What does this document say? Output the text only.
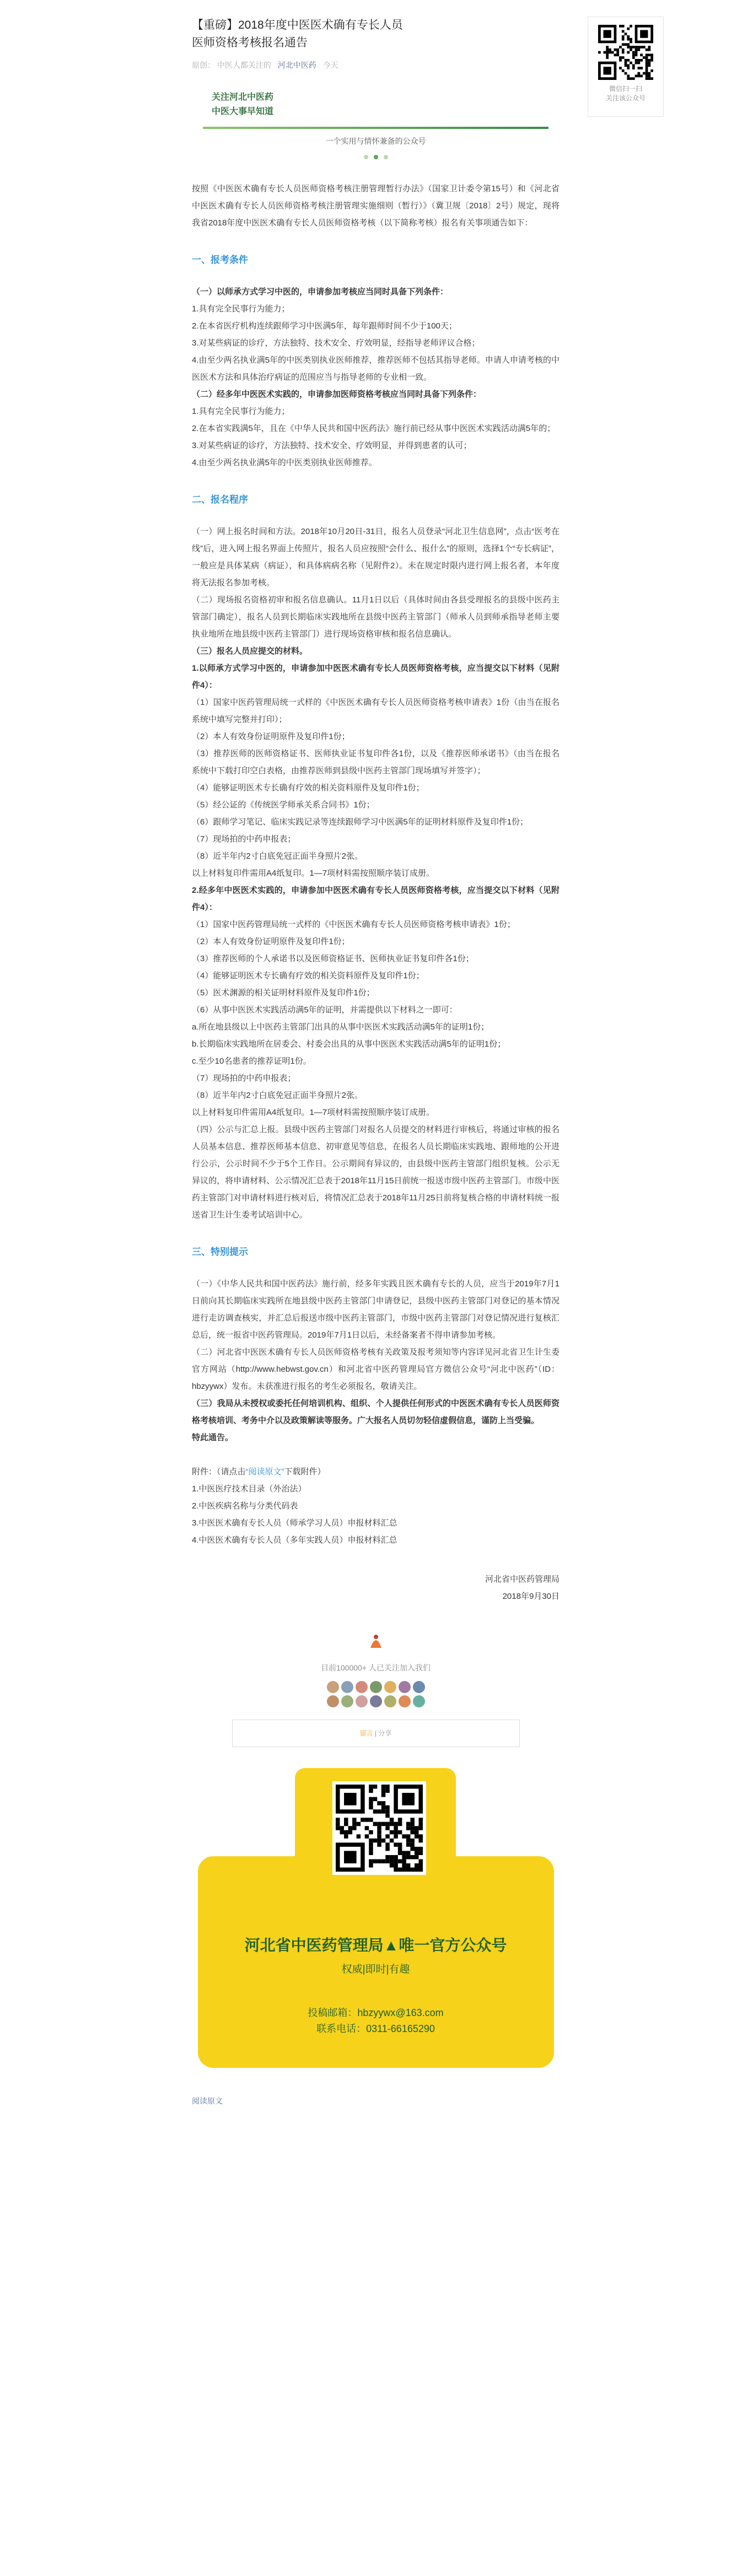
【重磅】2018年度中医医术确有专长人员医师资格考核报名通告
原创： 中医人都关注的 河北中医药 今天
关注河北中医药
中医大事早知道
一个实用与情怀兼备的公众号

按照《中医医术确有专长人员医师资格考核注册管理暂行办法》（国家卫计委令第15号）和《河北省中医医术确有专长人员医师资格考核注册管理实施细则（暂行）》（冀卫规〔2018〕2号）规定，现将我省2018年度中医医术确有专长人员医师资格考核（以下简称考核）报名有关事项通告如下：

一、报考条件

（一）以师承方式学习中医的，申请参加考核应当同时具备下列条件：

1.具有完全民事行为能力；

2.在本省医疗机构连续跟师学习中医满5年，每年跟师时间不少于100天；

3.对某些病证的诊疗，方法独特、技术安全、疗效明显，经指导老师评议合格；

4.由至少两名执业满5年的中医类别执业医师推荐，推荐医师不包括其指导老师。申请人申请考核的中医医术方法和具体治疗病证的范围应当与指导老师的专业相一致。

（二）经多年中医医术实践的，申请参加医师资格考核应当同时具备下列条件：

1.具有完全民事行为能力；

2.在本省实践满5年，且在《中华人民共和国中医药法》施行前已经从事中医医术实践活动满5年的；

3.对某些病证的诊疗，方法独特、技术安全、疗效明显，并得到患者的认可；

4.由至少两名执业满5年的中医类别执业医师推荐。

二、报名程序

（一）网上报名时间和方法。2018年10月20日-31日，报名人员登录“河北卫生信息网”，点击“医考在线”后，进入网上报名界面上传照片，报名人员应按照“会什么、报什么”的原则，选择1个“专长病证”，一般应是具体某病（病证），和具体病病名称（见附件2）。未在规定时限内进行网上报名者，本年度将无法报名参加考核。

（二）现场报名资格初审和报名信息确认。11月1日以后（具体时间由各县受理报名的县级中医药主管部门确定），报名人员到长期临床实践地所在县级中医药主管部门（师承人员到师承指导老师主要执业地所在地县级中医药主管部门）进行现场资格审核和报名信息确认。

（三）报名人员应提交的材料。

1.以师承方式学习中医的，申请参加中医医术确有专长人员医师资格考核，应当提交以下材料（见附件4）：

（1）国家中医药管理局统一式样的《中医医术确有专长人员医师资格考核申请表》1份（由当在报名系统中填写完整并打印）；

（2）本人有效身份证明原件及复印件1份；

（3）推荐医师的医师资格证书、医师执业证书复印件各1份，以及《推荐医师承诺书》（由当在报名系统中下载打印空白表格，由推荐医师到县级中医药主管部门现场填写并签字）；

（4）能够证明医术专长确有疗效的相关资料原件及复印件1份；

（5）经公证的《传统医学师承关系合同书》1份；

（6）跟师学习笔记、临床实践记录等连续跟师学习中医满5年的证明材料原件及复印件1份；

（7）现场拍的中药申报表；

（8）近半年内2寸白底免冠正面半身照片2张。

以上材料复印件需用A4纸复印。1—7项材料需按照顺序装订成册。

2.经多年中医医术实践的，申请参加中医医术确有专长人员医师资格考核，应当提交以下材料（见附件4）：

（1）国家中医药管理局统一式样的《中医医术确有专长人员医师资格考核申请表》1份；

（2）本人有效身份证明原件及复印件1份；

（3）推荐医师的个人承诺书以及医师资格证书、医师执业证书复印件各1份；

（4）能够证明医术专长确有疗效的相关资料原件及复印件1份；

（5）医术渊源的相关证明材料原件及复印件1份；

（6）从事中医医术实践活动满5年的证明，并需提供以下材料之一即可：

a.所在地县级以上中医药主管部门出具的从事中医医术实践活动满5年的证明1份；

b.长期临床实践地所在居委会、村委会出具的从事中医医术实践活动满5年的证明1份；

c.至少10名患者的推荐证明1份。

（7）现场拍的中药申报表；

（8）近半年内2寸白底免冠正面半身照片2张。

以上材料复印件需用A4纸复印。1—7项材料需按照顺序装订成册。

（四）公示与汇总上报。县级中医药主管部门对报名人员提交的材料进行审核后，将通过审核的报名人员基本信息、推荐医师基本信息、初审意见等信息，在报名人员长期临床实践地、跟师地的公开进行公示，公示时间不少于5个工作日。公示期间有异议的，由县级中医药主管部门组织复核。公示无异议的，将申请材料、公示情况汇总表于2018年11月15日前统一报送市级中医药主管部门。市级中医药主管部门对申请材料进行核对后，将情况汇总表于2018年11月25日前将复核合格的申请材料统一报送省卫生计生委考试培训中心。

三、特别提示

（一）《中华人民共和国中医药法》施行前，经多年实践且医术确有专长的人员，应当于2019年7月1日前向其长期临床实践所在地县级中医药主管部门申请登记，县级中医药主管部门对登记的基本情况进行走访调查核实，并汇总后报送市级中医药主管部门，市级中医药主管部门对登记情况进行复核汇总后，统一报省中医药管理局。2019年7月1日以后，未经备案者不得申请参加考核。

（二）河北省中医医术确有专长人员医师资格考核有关政策及报考须知等内容详见河北省卫生计生委官方网站（http://www.hebwst.gov.cn）和河北省中医药管理局官方微信公众号“河北中医药”（ID：hbzyywx）发布。未获准进行报名的考生必须报名，敬请关注。

（三）我局从未授权或委托任何培训机构、组织、个人提供任何形式的中医医术确有专长人员医师资格考核培训、考务中介以及政策解读等服务。广大报名人员切勿轻信虚假信息，谨防上当受骗。

特此通告。

附件：（请点击“阅读原文”下载附件）

1.中医医疗技术目录（外治法）

2.中医疾病名称与分类代码表

3.中医医术确有专长人员（师承学习人员）申报材料汇总

4.中医医术确有专长人员（多年实践人员）申报材料汇总

河北省中医药管理局
2018年9月30日
目前100000+ 人已关注加入我们
留言 | 分享
河北省中医药管理局▲唯一官方公众号
权威|即时|有趣
投稿邮箱：hbzyywx@163.com
联系电话：0311-66165290
阅读原文
微信扫一扫
关注该公众号
